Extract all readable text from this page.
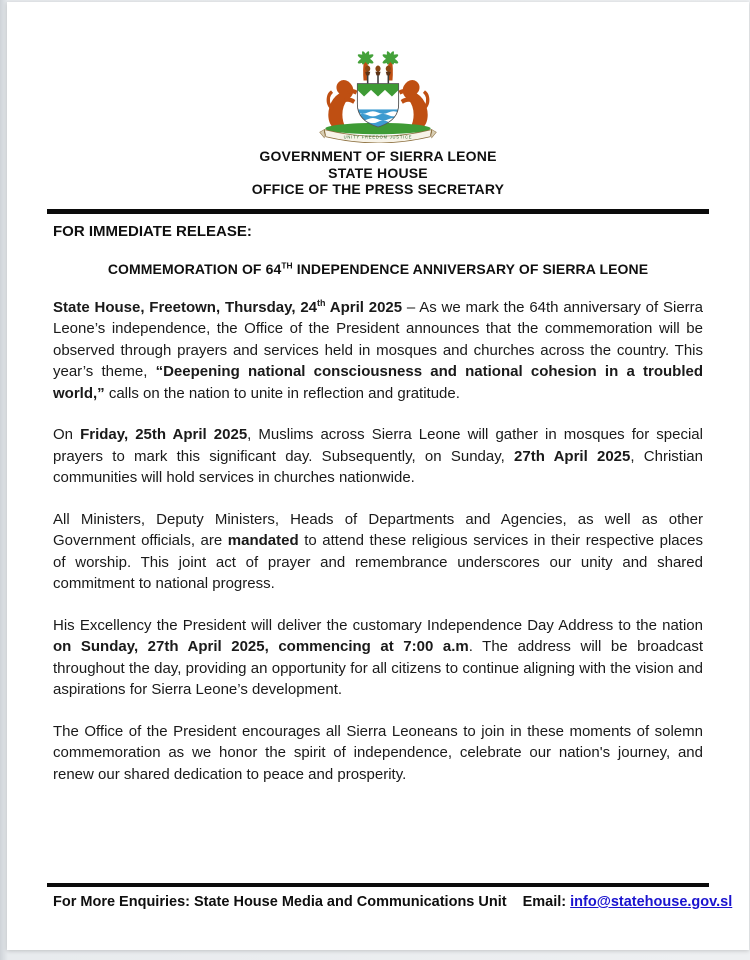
UNITY FREEDOM JUSTICE
GOVERNMENT OF SIERRA LEONE
STATE HOUSE
OFFICE OF THE PRESS SECRETARY
FOR IMMEDIATE RELEASE:
COMMEMORATION OF 64TH INDEPENDENCE ANNIVERSARY OF SIERRA LEONE

State House, Freetown, Thursday, 24th April 2025 – As we mark the 64th anniversary of Sierra Leone’s independence, the Office of the President announces that the commemoration will be observed through prayers and services held in mosques and churches across the country. This year’s theme, “Deepening national consciousness and national cohesion in a troubled world,” calls on the nation to unite in reflection and gratitude.

On Friday, 25th April 2025, Muslims across Sierra Leone will gather in mosques for special prayers to mark this significant day. Subsequently, on Sunday, 27th April 2025, Christian communities will hold services in churches nationwide.

All Ministers, Deputy Ministers, Heads of Departments and Agencies, as well as other Government officials, are mandated to attend these religious services in their respective places of worship. This joint act of prayer and remembrance underscores our unity and shared commitment to national progress.

His Excellency the President will deliver the customary Independence Day Address to the nation on Sunday, 27th April 2025, commencing at 7:00 a.m. The address will be broadcast throughout the day, providing an opportunity for all citizens to continue aligning with the vision and aspirations for Sierra Leone’s development.

The Office of the President encourages all Sierra Leoneans to join in these moments of solemn commemoration as we honor the spirit of independence, celebrate our nation's journey, and renew our shared dedication to peace and prosperity.

For More Enquiries: State House Media and Communications Unit Email: info@statehouse.gov.sl
